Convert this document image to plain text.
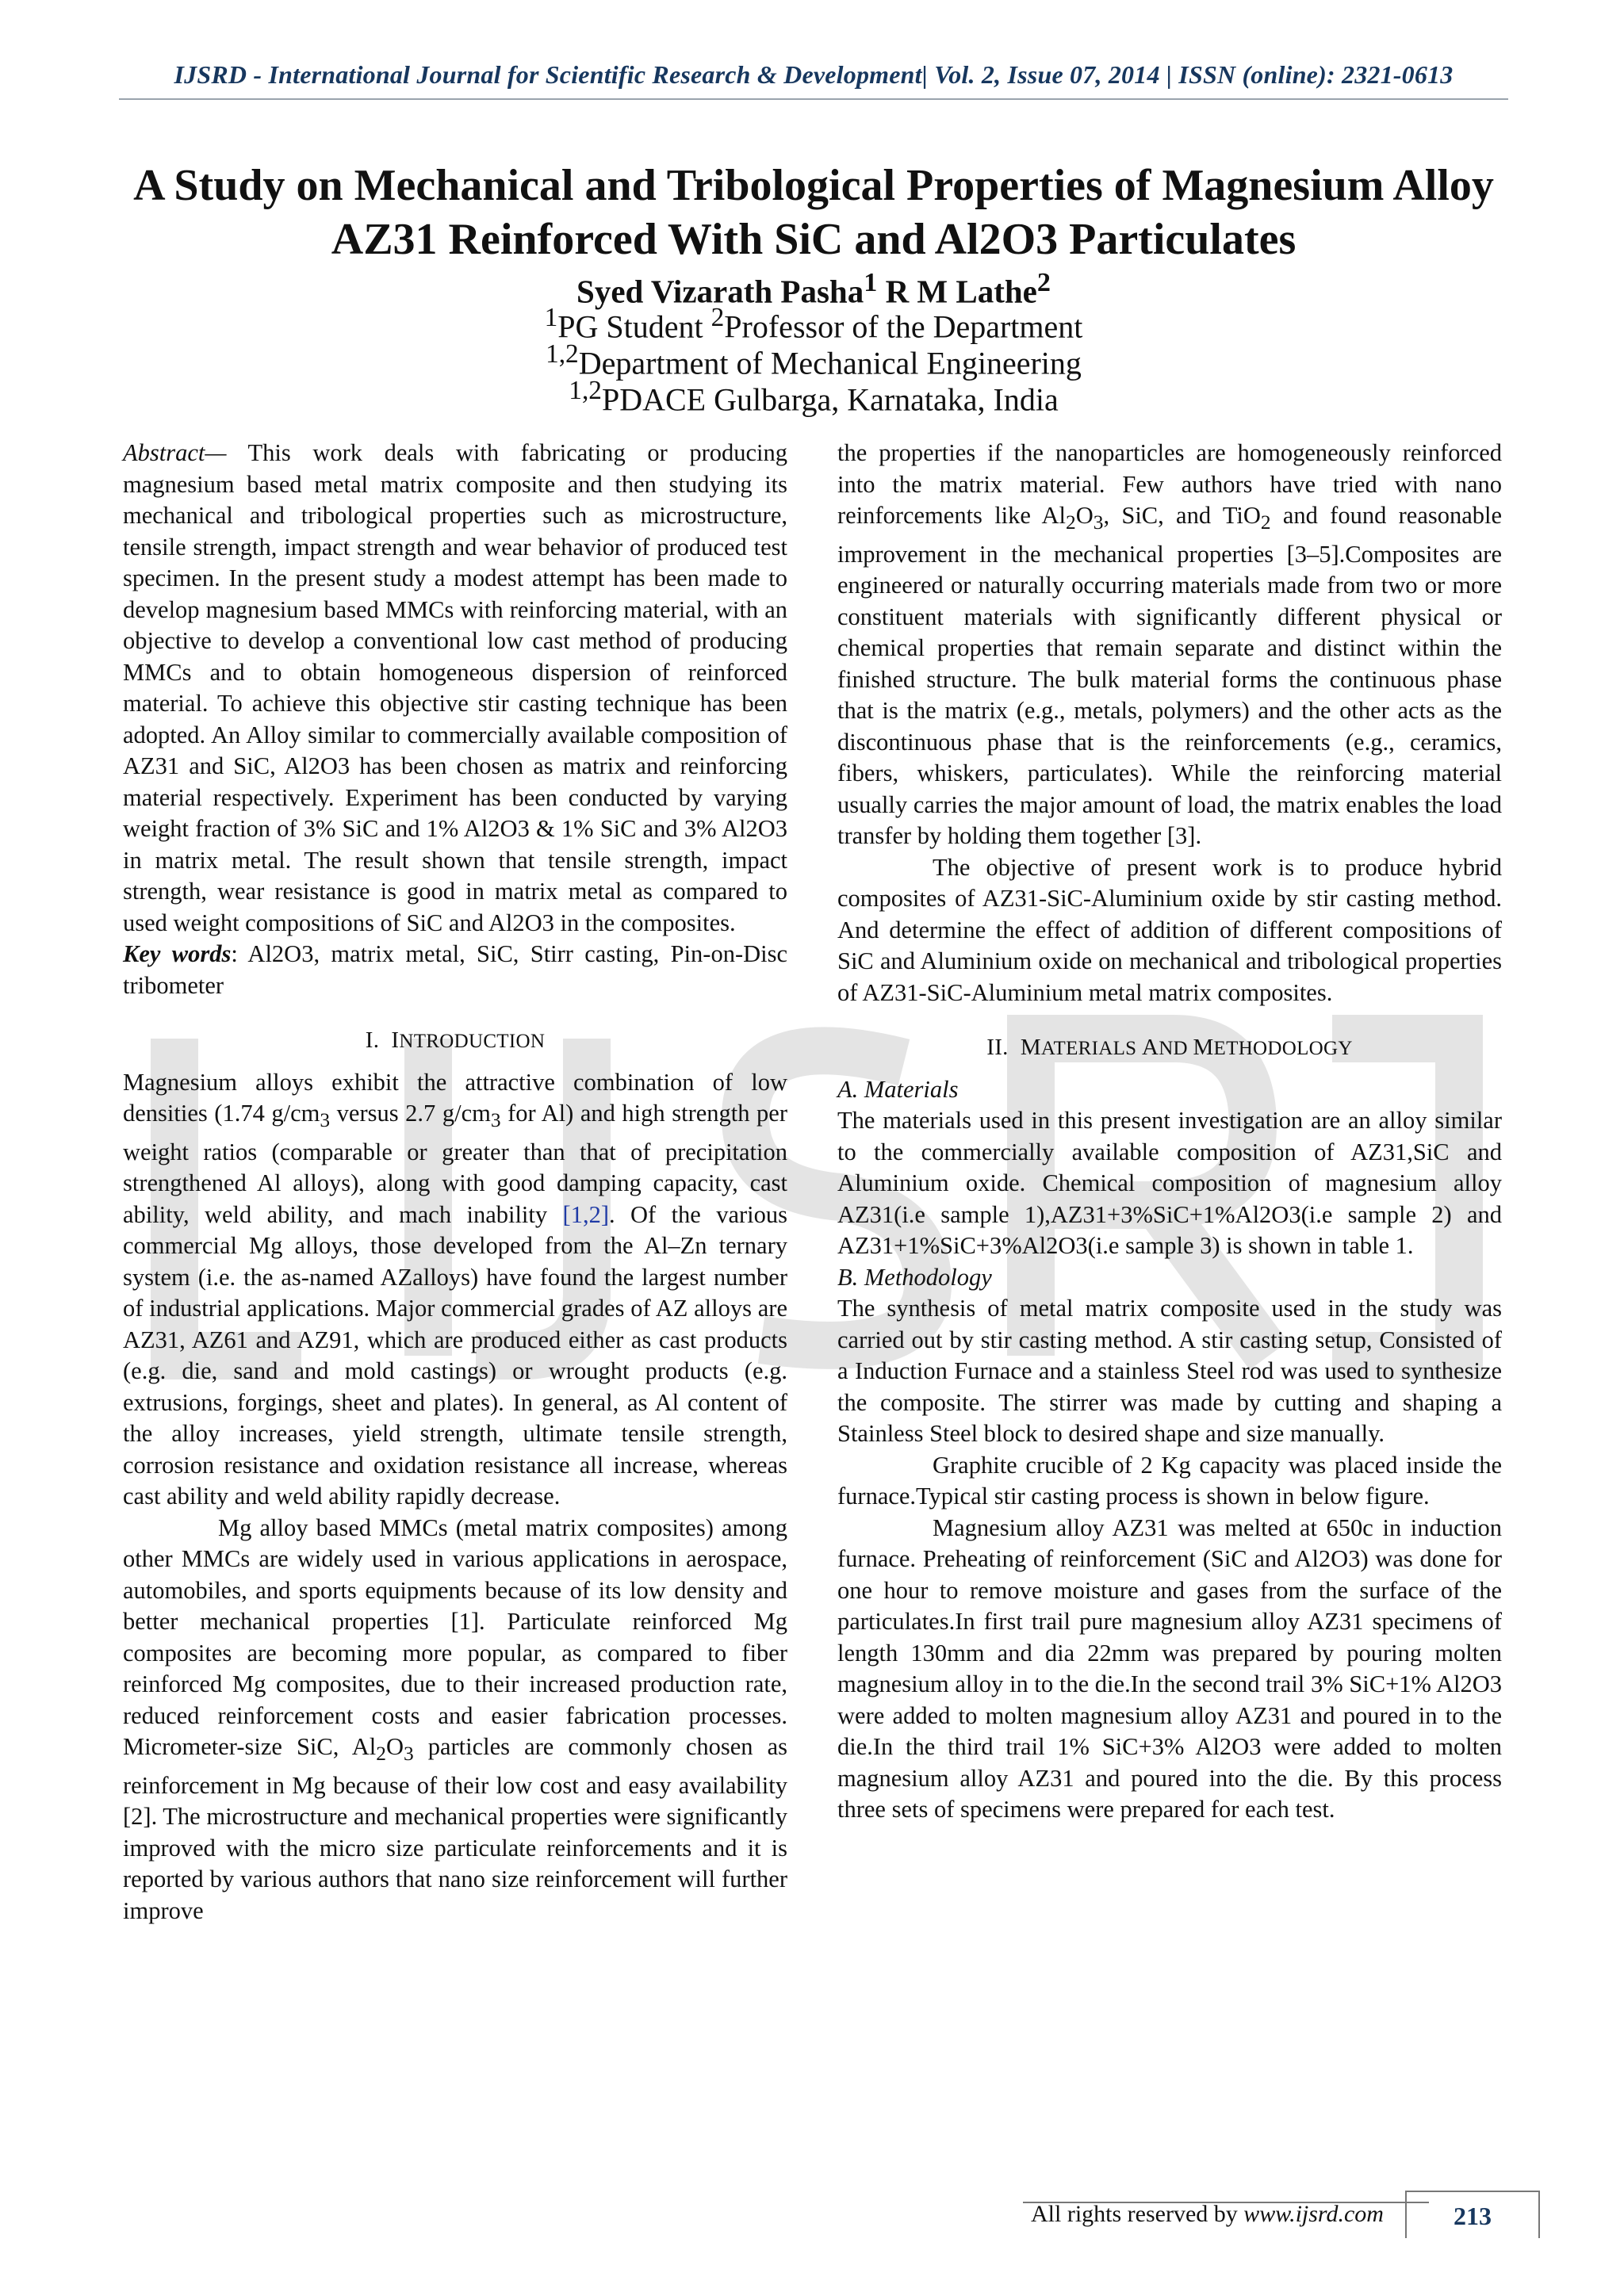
IJSRD - International Journal for Scientific Research & Development| Vol. 2, Issue 07, 2014 | ISSN (online): 2321-0613
A Study on Mechanical and Tribological Properties of Magnesium Alloy
AZ31 Reinforced With SiC and Al2O3 Particulates
Syed Vizarath Pasha$^1$ R M Lathe$^2$
$^1$PG Student $^2$Professor of the Department
$^{1,2}$Department of Mechanical Engineering
$^{1,2}$PDACE Gulbarga, Karnataka, India

Abstract— This work deals with fabricating or producing magnesium based metal matrix composite and then studying its mechanical and tribological properties such as microstructure, tensile strength, impact strength and wear behavior of produced test specimen. In the present study a modest attempt has been made to develop magnesium based MMCs with reinforcing material, with an objective to develop a conventional low cast method of producing MMCs and to obtain homogeneous dispersion of reinforced material. To achieve this objective stir casting technique has been adopted. An Alloy similar to commercially available composition of AZ31 and SiC, Al2O3 has been chosen as matrix and reinforcing material respectively. Experiment has been conducted by varying weight fraction of 3% SiC and 1% Al2O3 & 1% SiC and 3% Al2O3 in matrix metal. The result shown that tensile strength, impact strength, wear resistance is good in matrix metal as compared to used weight compositions of SiC and Al2O3 in the composites.

Key words: Al2O3, matrix metal, SiC, Stirr casting, Pin-on-Disc tribometer

I. INTRODUCTION

Magnesium alloys exhibit the attractive combination of low densities (1.74 $g/cm_3$ versus 2.7 $g/cm_3$ for Al) and high strength per weight ratios (comparable or greater than that of precipitation strengthened Al alloys), along with good damping capacity, cast ability, weld ability, and mach inability [1,2]. Of the various commercial Mg alloys, those developed from the Al–Zn ternary system (i.e. the as-named AZalloys) have found the largest number of industrial applications. Major commercial grades of AZ alloys are AZ31, AZ61 and AZ91, which are produced either as cast products (e.g. die, sand and mold castings) or wrought products (e.g. extrusions, forgings, sheet and plates). In general, as Al content of the alloy increases, yield strength, ultimate tensile strength, corrosion resistance and oxidation resistance all increase, whereas cast ability and weld ability rapidly decrease.

Mg alloy based MMCs (metal matrix composites) among other MMCs are widely used in various applications in aerospace, automobiles, and sports equipments because of its low density and better mechanical properties [1]. Particulate reinforced Mg composites are becoming more popular, as compared to fiber reinforced Mg composites, due to their increased production rate, reduced reinforcement costs and easier fabrication processes. Micrometer-size SiC, $Al_2O_3$ particles are commonly chosen as reinforcement in Mg because of their low cost and easy availability [2]. The microstructure and mechanical properties were significantly improved with the micro size particulate reinforcements and it is reported by various authors that nano size reinforcement will further improve

the properties if the nanoparticles are homogeneously reinforced into the matrix material. Few authors have tried with nano reinforcements like $Al_2O_3$, SiC, and TiO$_2$ and found reasonable improvement in the mechanical properties [3–5].Composites are engineered or naturally occurring materials made from two or more constituent materials with significantly different physical or chemical properties that remain separate and distinct within the finished structure. The bulk material forms the continuous phase that is the matrix (e.g., metals, polymers) and the other acts as the discontinuous phase that is the reinforcements (e.g., ceramics, fibers, whiskers, particulates). While the reinforcing material usually carries the major amount of load, the matrix enables the load transfer by holding them together [3].

The objective of present work is to produce hybrid composites of AZ31-SiC-Aluminium oxide by stir casting method. And determine the effect of addition of different compositions of SiC and Aluminium oxide on mechanical and tribological properties of AZ31-SiC-Aluminium metal matrix composites.

II. MATERIALS AND METHODOLOGY

A. Materials

The materials used in this present investigation are an alloy similar to the commercially available composition of AZ31,SiC and Aluminium oxide. Chemical composition of magnesium alloy AZ31(i.e sample 1),AZ31+3%SiC+1%Al2O3(i.e sample 2) and AZ31+1%SiC+3%Al2O3(i.e sample 3) is shown in table 1.

B. Methodology

The synthesis of metal matrix composite used in the study was carried out by stir casting method. A stir casting setup, Consisted of a Induction Furnace and a stainless Steel rod was used to synthesize the composite. The stirrer was made by cutting and shaping a Stainless Steel block to desired shape and size manually.

Graphite crucible of 2 Kg capacity was placed inside the furnace.Typical stir casting process is shown in below figure.

Magnesium alloy AZ31 was melted at 650c in induction furnace. Preheating of reinforcement (SiC and Al2O3) was done for one hour to remove moisture and gases from the surface of the particulates.In first trail pure magnesium alloy AZ31 specimens of length 130mm and dia 22mm was prepared by pouring molten magnesium alloy in to the die.In the second trail 3% SiC+1% Al2O3 were added to molten magnesium alloy AZ31 and poured in to the die.In the third trail 1% SiC+3% Al2O3 were added to molten magnesium alloy AZ31 and poured into the die. By this process three sets of specimens were prepared for each test.

All rights reserved by www.ijsrd.com	213
